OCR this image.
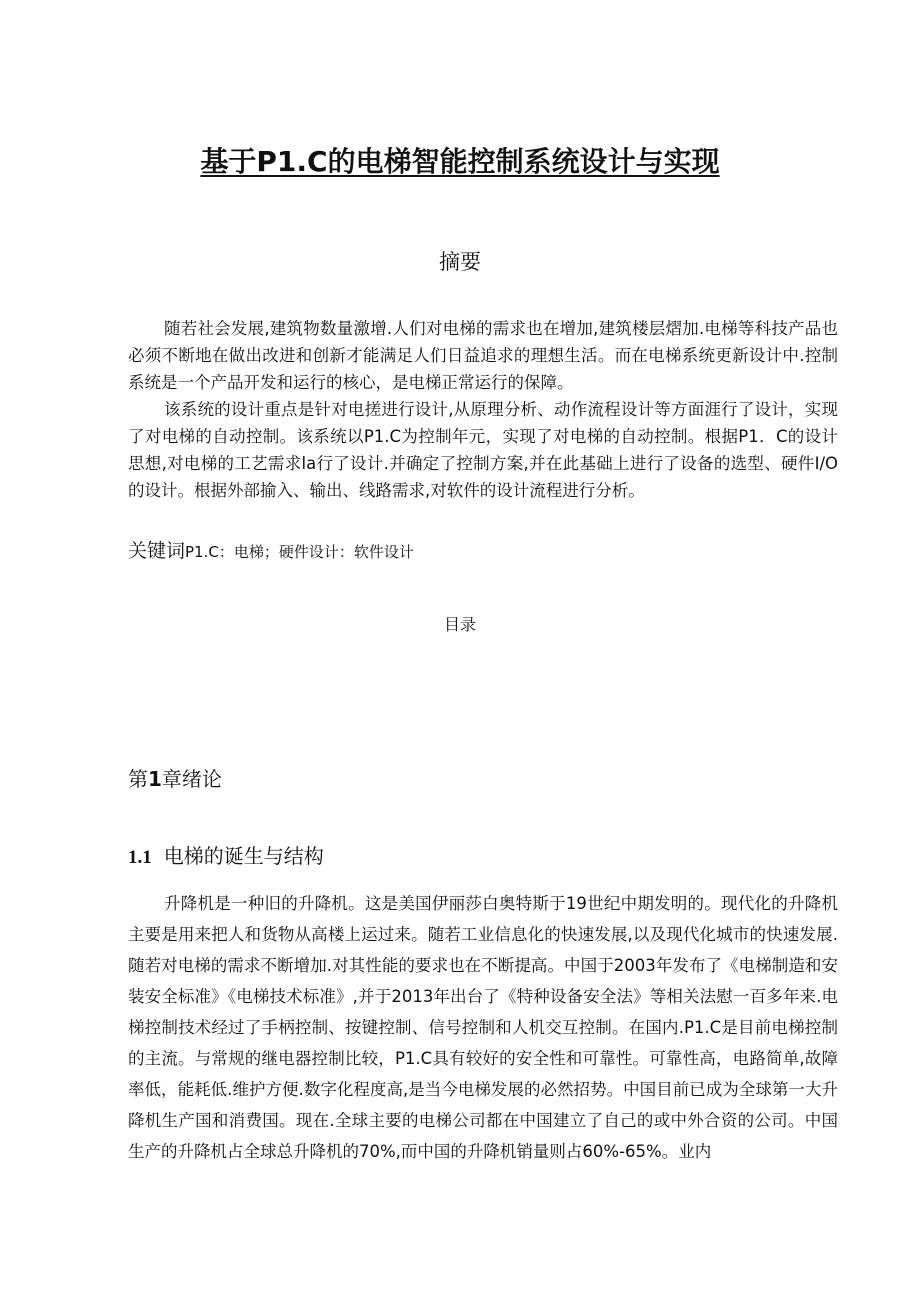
基于P1.C的电梯智能控制系统设计与实现
摘要

随若社会发展,建筑物数量激增.人们对电梯的需求也在增加,建筑楼层熠加.电梯等科技产品也必须不断地在做出改进和创新才能满足人们日益追求的理想生活。而在电梯系统更新设计中.控制系统是一个产品开发和运行的核心，是电梯正常运行的保障。

该系统的设计重点是针对电搓进行设计,从原理分析、动作流程设计等方面涯行了设计，实现了对电梯的自动控制。该系统以P1.C为控制年元，实现了对电梯的自动控制。根据P1．C的设计思想,对电梯的工艺需求la行了设计.并确定了控制方案,并在此基础上进行了设备的选型、硬件I/O的设计。根据外部揄入、输出、线路需求,对软件的设计流程进行分析。

关键词P1.C：电梯；硬件设计：软件设计

目录
第1章绪论
1.1 电梯的诞生与结构

升降机是一种旧的升降机。这是美国伊丽莎白奥特斯于19世纪中期发明的。现代化的升降机主要是用来把人和货物从高楼上运过来。随若工业信息化的快速发展,以及现代化城市的快速发展.随若对电梯的需求不断增加.对其性能的要求也在不断提高。中国于2003年发布了《电梯制造和安装安全标准》《电梯技术标准》,并于2013年出台了《特种设备安全法》等相关法慰一百多年来.电梯控制技术经过了手柄控制、按键控制、信号控制和人机交互控制。在国内.P1.C是目前电梯控制的主流。与常规的继电器控制比较，P1.C具有较好的安全性和可靠性。可靠性高，电路简单,故障率低，能耗低.维护方便.数字化程度高,是当今电梯发展的必然招势。中国目前已成为全球第一大升降机生产国和消费国。现在.全球主要的电梯公司都在中国建立了自己的或中外合资的公司。中国生产的升降机占全球总升降机的70%,而中国的升降机销量则占60%-65%。业内
